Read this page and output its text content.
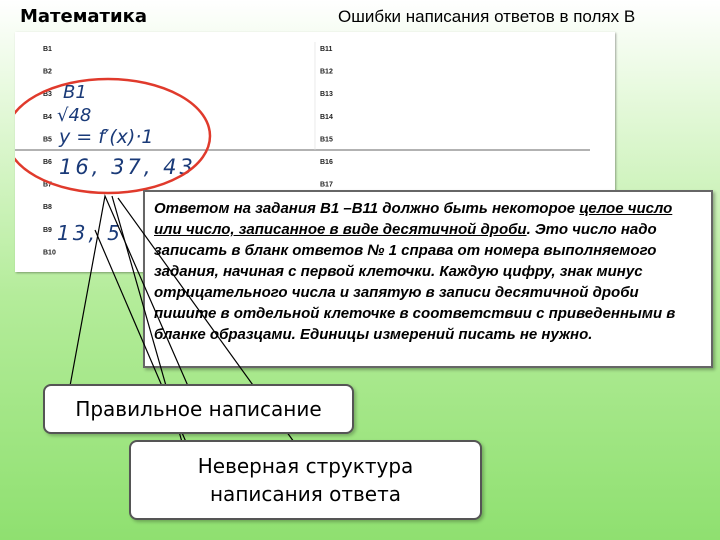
Математика	Ошибки написания ответов в полях В
B1
B2
B3
B4
B5
B6
B7
B8
B9
B10
B11
B12
B13
B14
B15
B16
B17
В1
√48
y = f′(x)·1
16, 37, 43
13, 5
Ответом на задания В1 –В11 должно быть некоторое целое число или число, записанное в виде десятичной дроби. Это число надо записать в бланк ответов № 1 справа от номера выполняемого задания, начиная с первой клеточки. Каждую цифру, знак минус отрицательного числа и запятую в записи десятичной дроби пишите в отдельной клеточке в соответствии с приведенными в бланке образцами. Единицы измерений писать не нужно.
Правильное написание
Неверная структура
написания ответа
